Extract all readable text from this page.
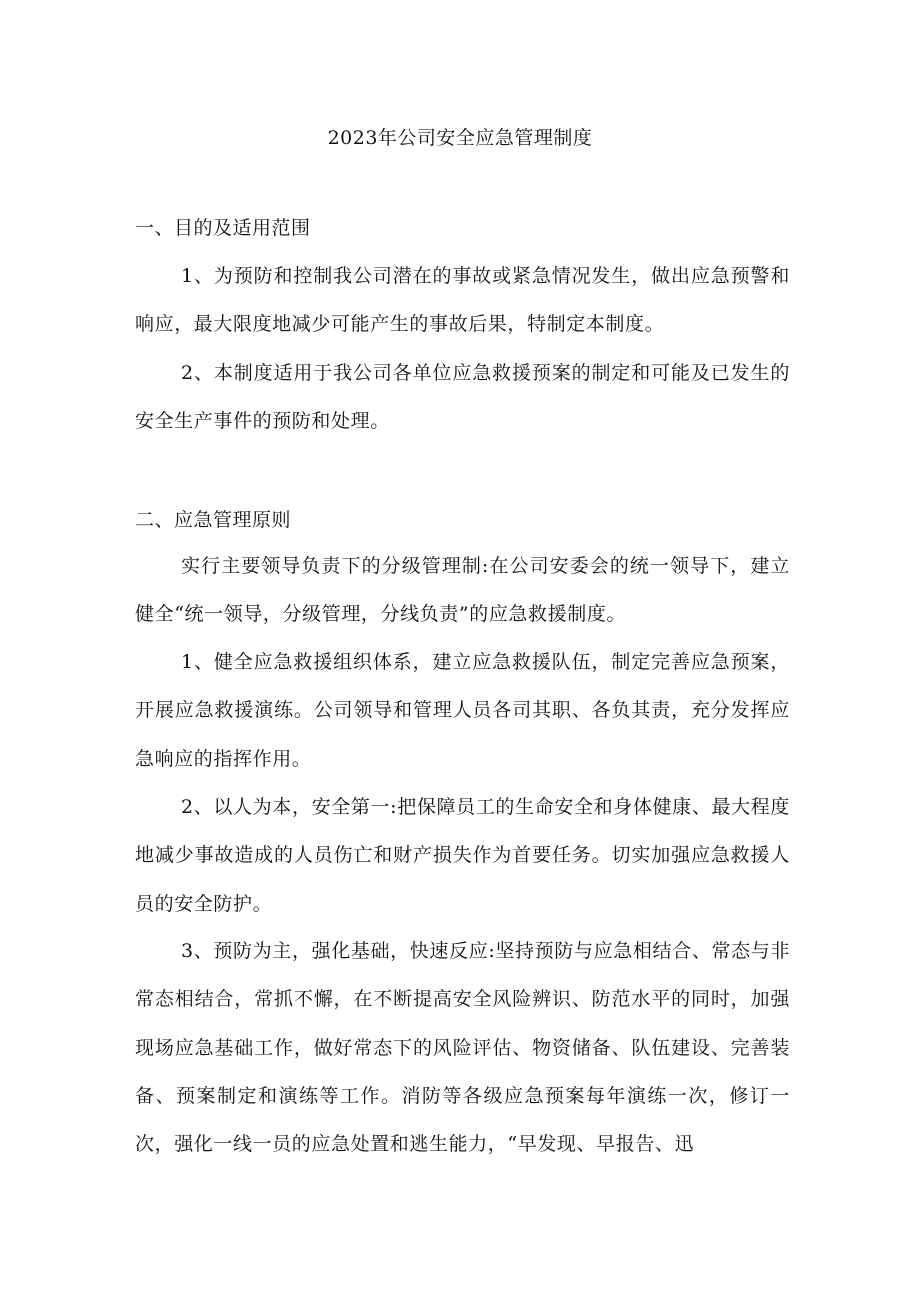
2023年公司安全应急管理制度
一、目的及适用范围

1、为预防和控制我公司潜在的事故或紧急情况发生，做出应急预警和响应，最大限度地减少可能产生的事故后果，特制定本制度。

2、本制度适用于我公司各单位应急救援预案的制定和可能及已发生的安全生产事件的预防和处理。

二、应急管理原则

实行主要领导负责下的分级管理制:在公司安委会的统一领导下，建立健全“统一领导，分级管理，分线负责”的应急救援制度。

1、健全应急救援组织体系，建立应急救援队伍，制定完善应急预案，开展应急救援演练。公司领导和管理人员各司其职、各负其责，充分发挥应急响应的指挥作用。

2、以人为本，安全第一:把保障员工的生命安全和身体健康、最大程度地减少事故造成的人员伤亡和财产损失作为首要任务。切实加强应急救援人员的安全防护。

3、预防为主，强化基础，快速反应:坚持预防与应急相结合、常态与非常态相结合，常抓不懈，在不断提高安全风险辨识、防范水平的同时，加强现场应急基础工作，做好常态下的风险评估、物资储备、队伍建设、完善装备、预案制定和演练等工作。消防等各级应急预案每年演练一次，修订一次，强化一线一员的应急处置和逃生能力，“早发现、早报告、迅
